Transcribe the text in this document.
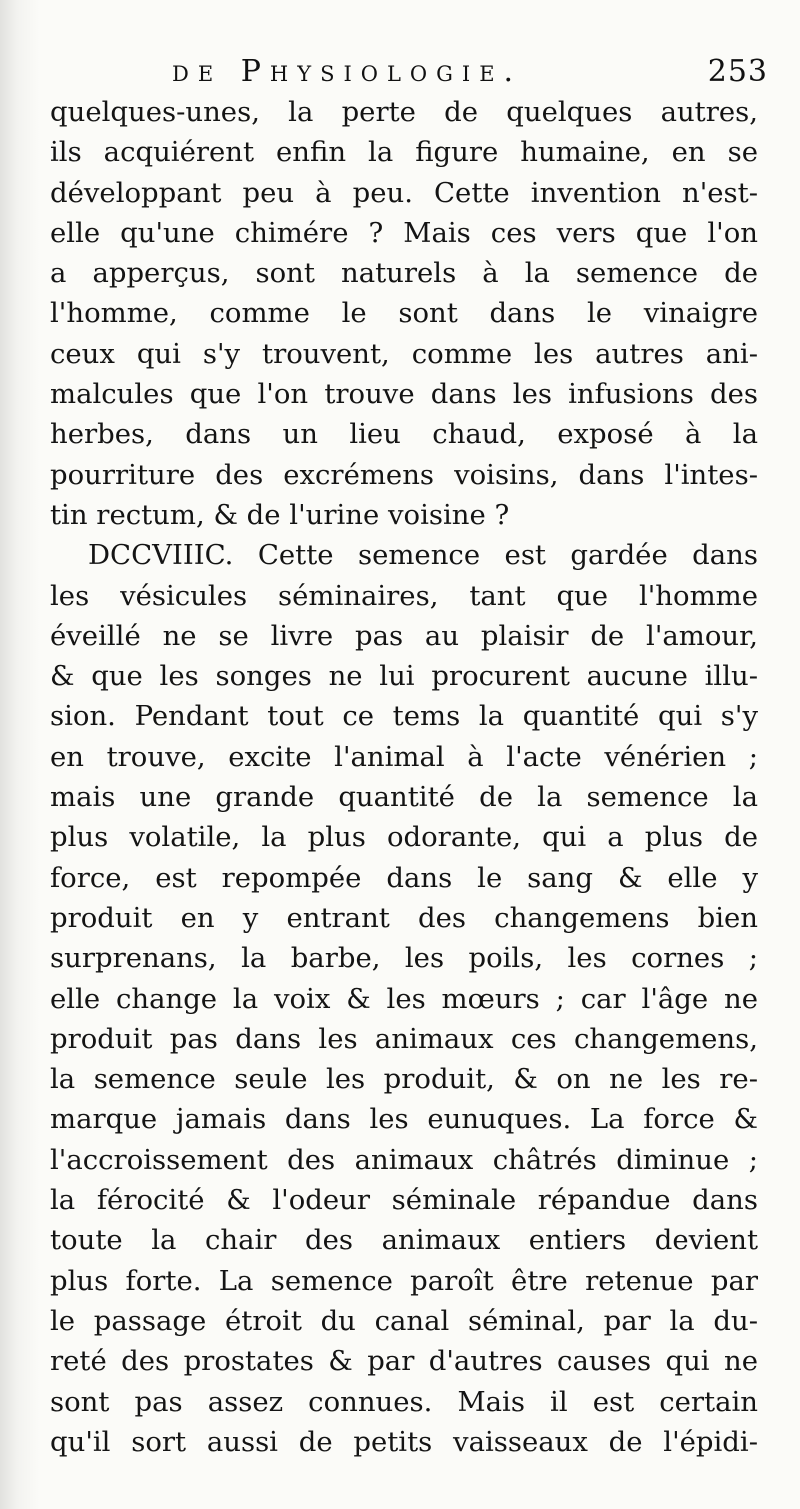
de Physiologie.	253
quelques-unes, la perte de quelques autres,
ils acquiérent enfin la figure humaine, en se
développant peu à peu. Cette invention n'est-
elle qu'une chimére ? Mais ces vers que l'on
a apperçus, sont naturels à la semence de
l'homme, comme le sont dans le vinaigre
ceux qui s'y trouvent, comme les autres ani-
malcules que l'on trouve dans les infusions des
herbes, dans un lieu chaud, exposé à la
pourriture des excrémens voisins, dans l'intes-
tin rectum, & de l'urine voisine ?
DCCVIIIC. Cette semence est gardée dans
les vésicules séminaires, tant que l'homme
éveillé ne se livre pas au plaisir de l'amour,
& que les songes ne lui procurent aucune illu-
sion. Pendant tout ce tems la quantité qui s'y
en trouve, excite l'animal à l'acte vénérien ;
mais une grande quantité de la semence la
plus volatile, la plus odorante, qui a plus de
force, est repompée dans le sang & elle y
produit en y entrant des changemens bien
surprenans, la barbe, les poils, les cornes ;
elle change la voix & les mœurs ; car l'âge ne
produit pas dans les animaux ces changemens,
la semence seule les produit, & on ne les re-
marque jamais dans les eunuques. La force &
l'accroissement des animaux châtrés diminue ;
la férocité & l'odeur séminale répandue dans
toute la chair des animaux entiers devient
plus forte. La semence paroît être retenue par
le passage étroit du canal séminal, par la du-
reté des prostates & par d'autres causes qui ne
sont pas assez connues. Mais il est certain
qu'il sort aussi de petits vaisseaux de l'épidi-
